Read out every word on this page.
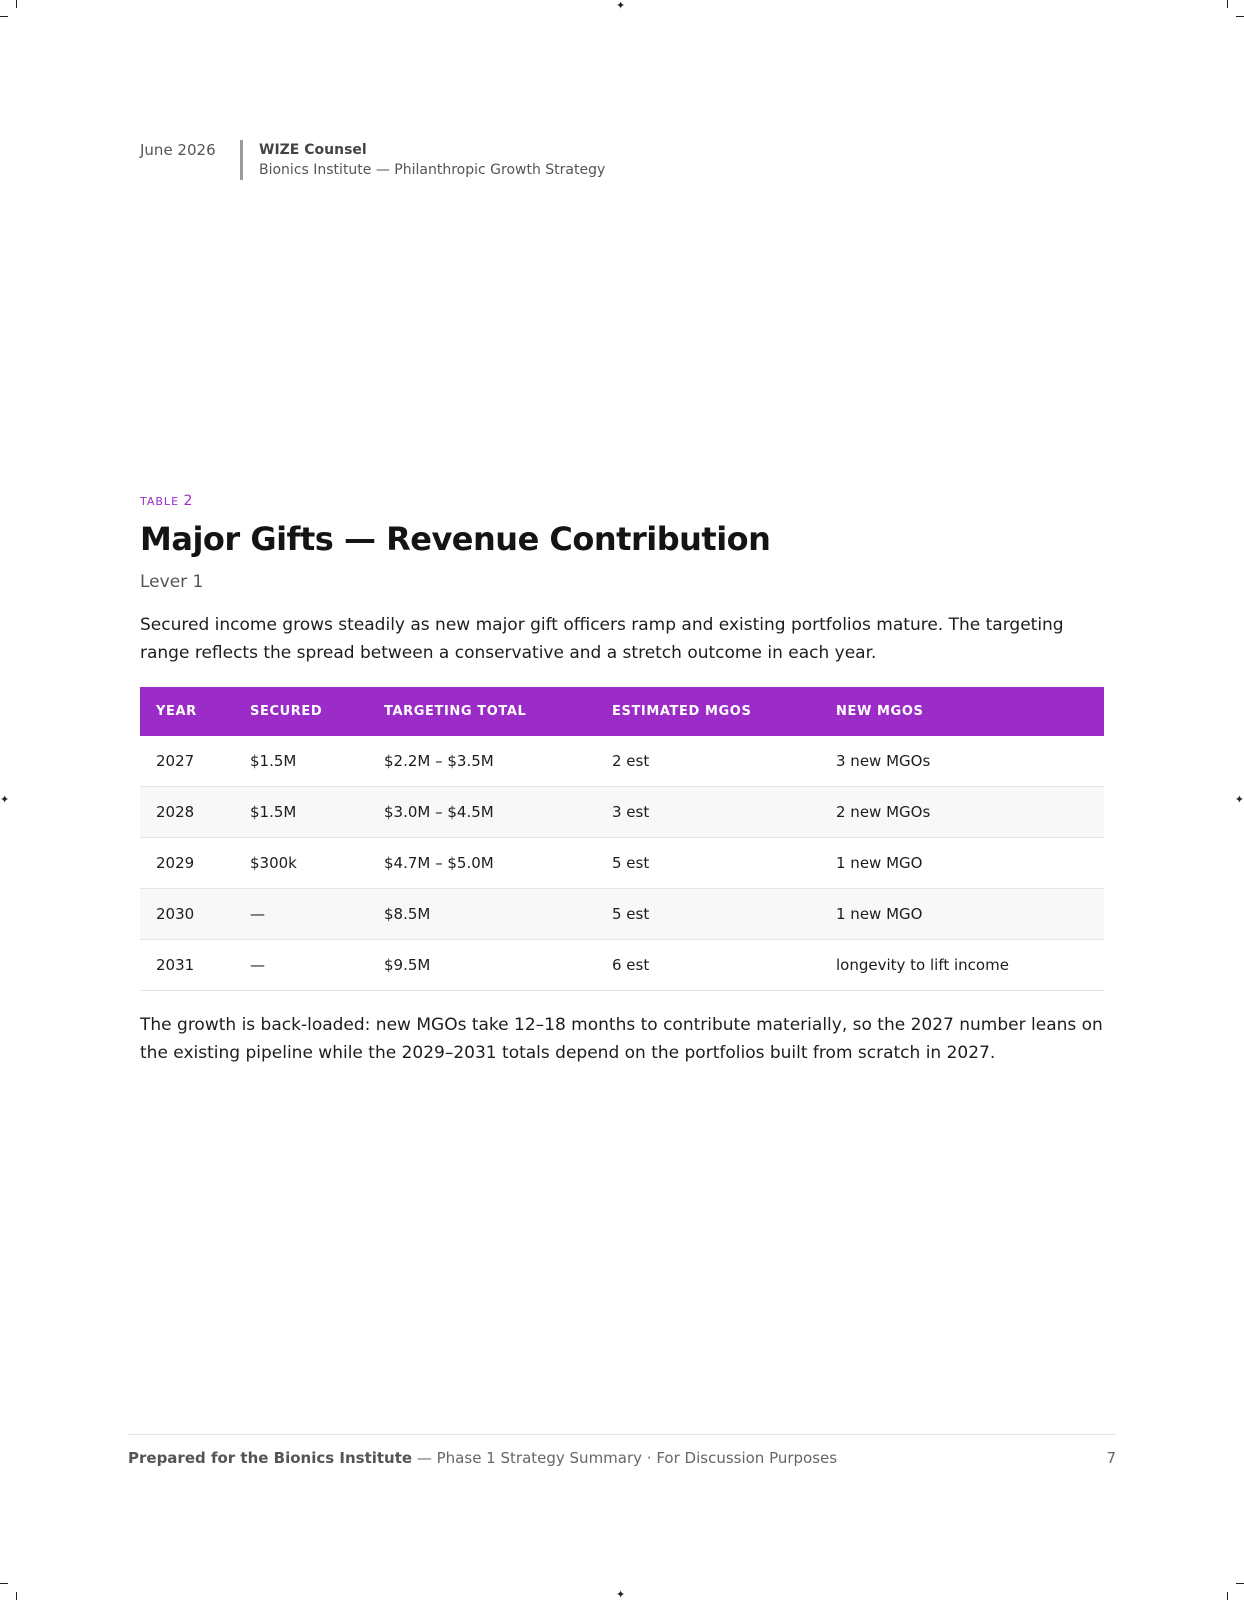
✦
✦
✦	✦
June 2026	WIZE Counsel
Bionics Institute — Philanthropic Growth Strategy
TABLE 2
Major Gifts — Revenue Contribution
Lever 1
Secured income grows steadily as new major gift officers ramp and existing portfolios mature. The targeting range reflects the spread between a conservative and a stretch outcome in each year.
YEAR	SECURED	TARGETING TOTAL	ESTIMATED MGOS	NEW MGOS
2027	$1.5M	$2.2M – $3.5M	2 est	3 new MGOs
2028	$1.5M	$3.0M – $4.5M	3 est	2 new MGOs
2029	$300k	$4.7M – $5.0M	5 est	1 new MGO
2030	—	$8.5M	5 est	1 new MGO
2031	—	$9.5M	6 est	longevity to lift income
The growth is back-loaded: new MGOs take 12–18 months to contribute materially, so the 2027 number leans on the existing pipeline while the 2029–2031 totals depend on the portfolios built from scratch in 2027.
Prepared for the Bionics Institute — Phase 1 Strategy Summary · For Discussion Purposes	7
